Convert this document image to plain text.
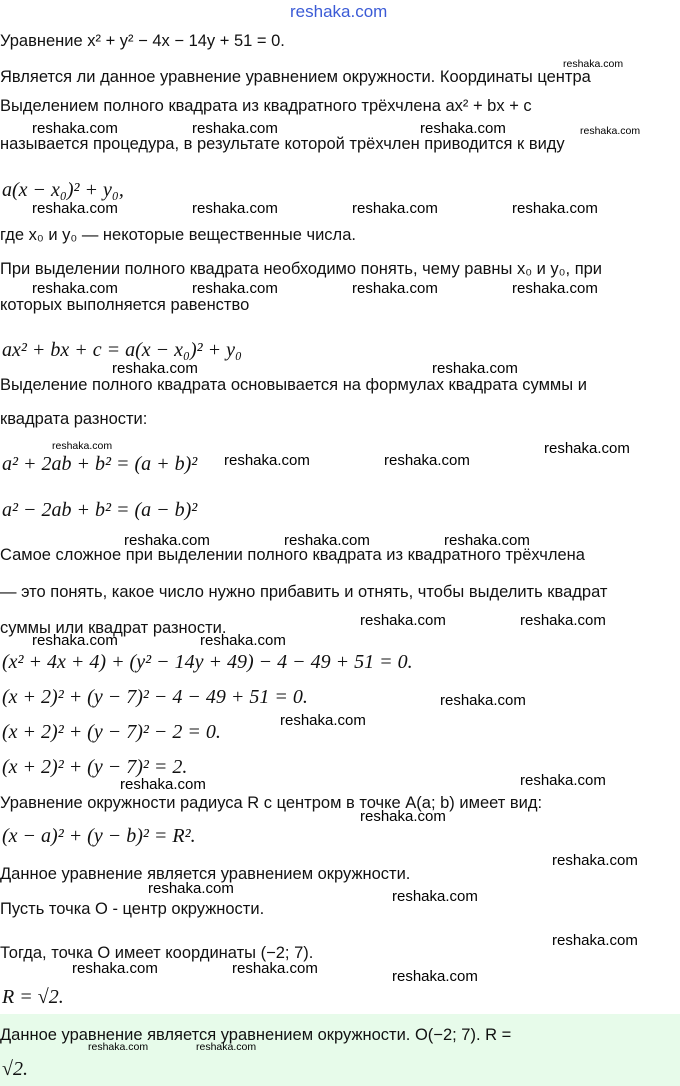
reshaka.com
Уравнение x² + y² − 4x − 14y + 51 = 0.
Является ли данное уравнение уравнением окружности. Координаты центра
Выделением полного квадрата из квадратного трёхчлена ax² + bx + c
называется процедура, в результате которой трёхчлен приводится к виду
a(x − x₀)² + y₀,
где x₀ и y₀ — некоторые вещественные числа.
При выделении полного квадрата необходимо понять, чему равны x₀ и y₀, при
которых выполняется равенство
ax² + bx + c = a(x − x₀)² + y₀
Выделение полного квадрата основывается на формулах квадрата суммы и
квадрата разности:
a² + 2ab + b² = (a + b)²
a² − 2ab + b² = (a − b)²
Самое сложное при выделении полного квадрата из квадратного трёхчлена
— это понять, какое число нужно прибавить и отнять, чтобы выделить квадрат
суммы или квадрат разности.
(x² + 4x + 4) + (y² − 14y + 49) − 4 − 49 + 51 = 0.
(x + 2)² + (y − 7)² − 4 − 49 + 51 = 0.
(x + 2)² + (y − 7)² − 2 = 0.
(x + 2)² + (y − 7)² = 2.
Уравнение окружности радиуса R с центром в точке A(a; b) имеет вид:
(x − a)² + (y − b)² = R².
Данное уравнение является уравнением окружности.
Пусть точка O - центр окружности.
Тогда, точка O имеет координаты (−2; 7).
R = √2.
Данное уравнение является уравнением окружности. O(−2; 7). R =
√2.
reshaka.com
reshaka.com	reshaka.com	reshaka.com	reshaka.com
reshaka.com	reshaka.com	reshaka.com	reshaka.com
reshaka.com	reshaka.com	reshaka.com	reshaka.com
reshaka.com	reshaka.com
reshaka.com	reshaka.com
reshaka.com	reshaka.com
reshaka.com	reshaka.com	reshaka.com
reshaka.com	reshaka.com
reshaka.com	reshaka.com
reshaka.com
reshaka.com
reshaka.com	reshaka.com
reshaka.com
reshaka.com
reshaka.com	reshaka.com
reshaka.com
reshaka.com	reshaka.com	reshaka.com
reshaka.com	reshaka.com
